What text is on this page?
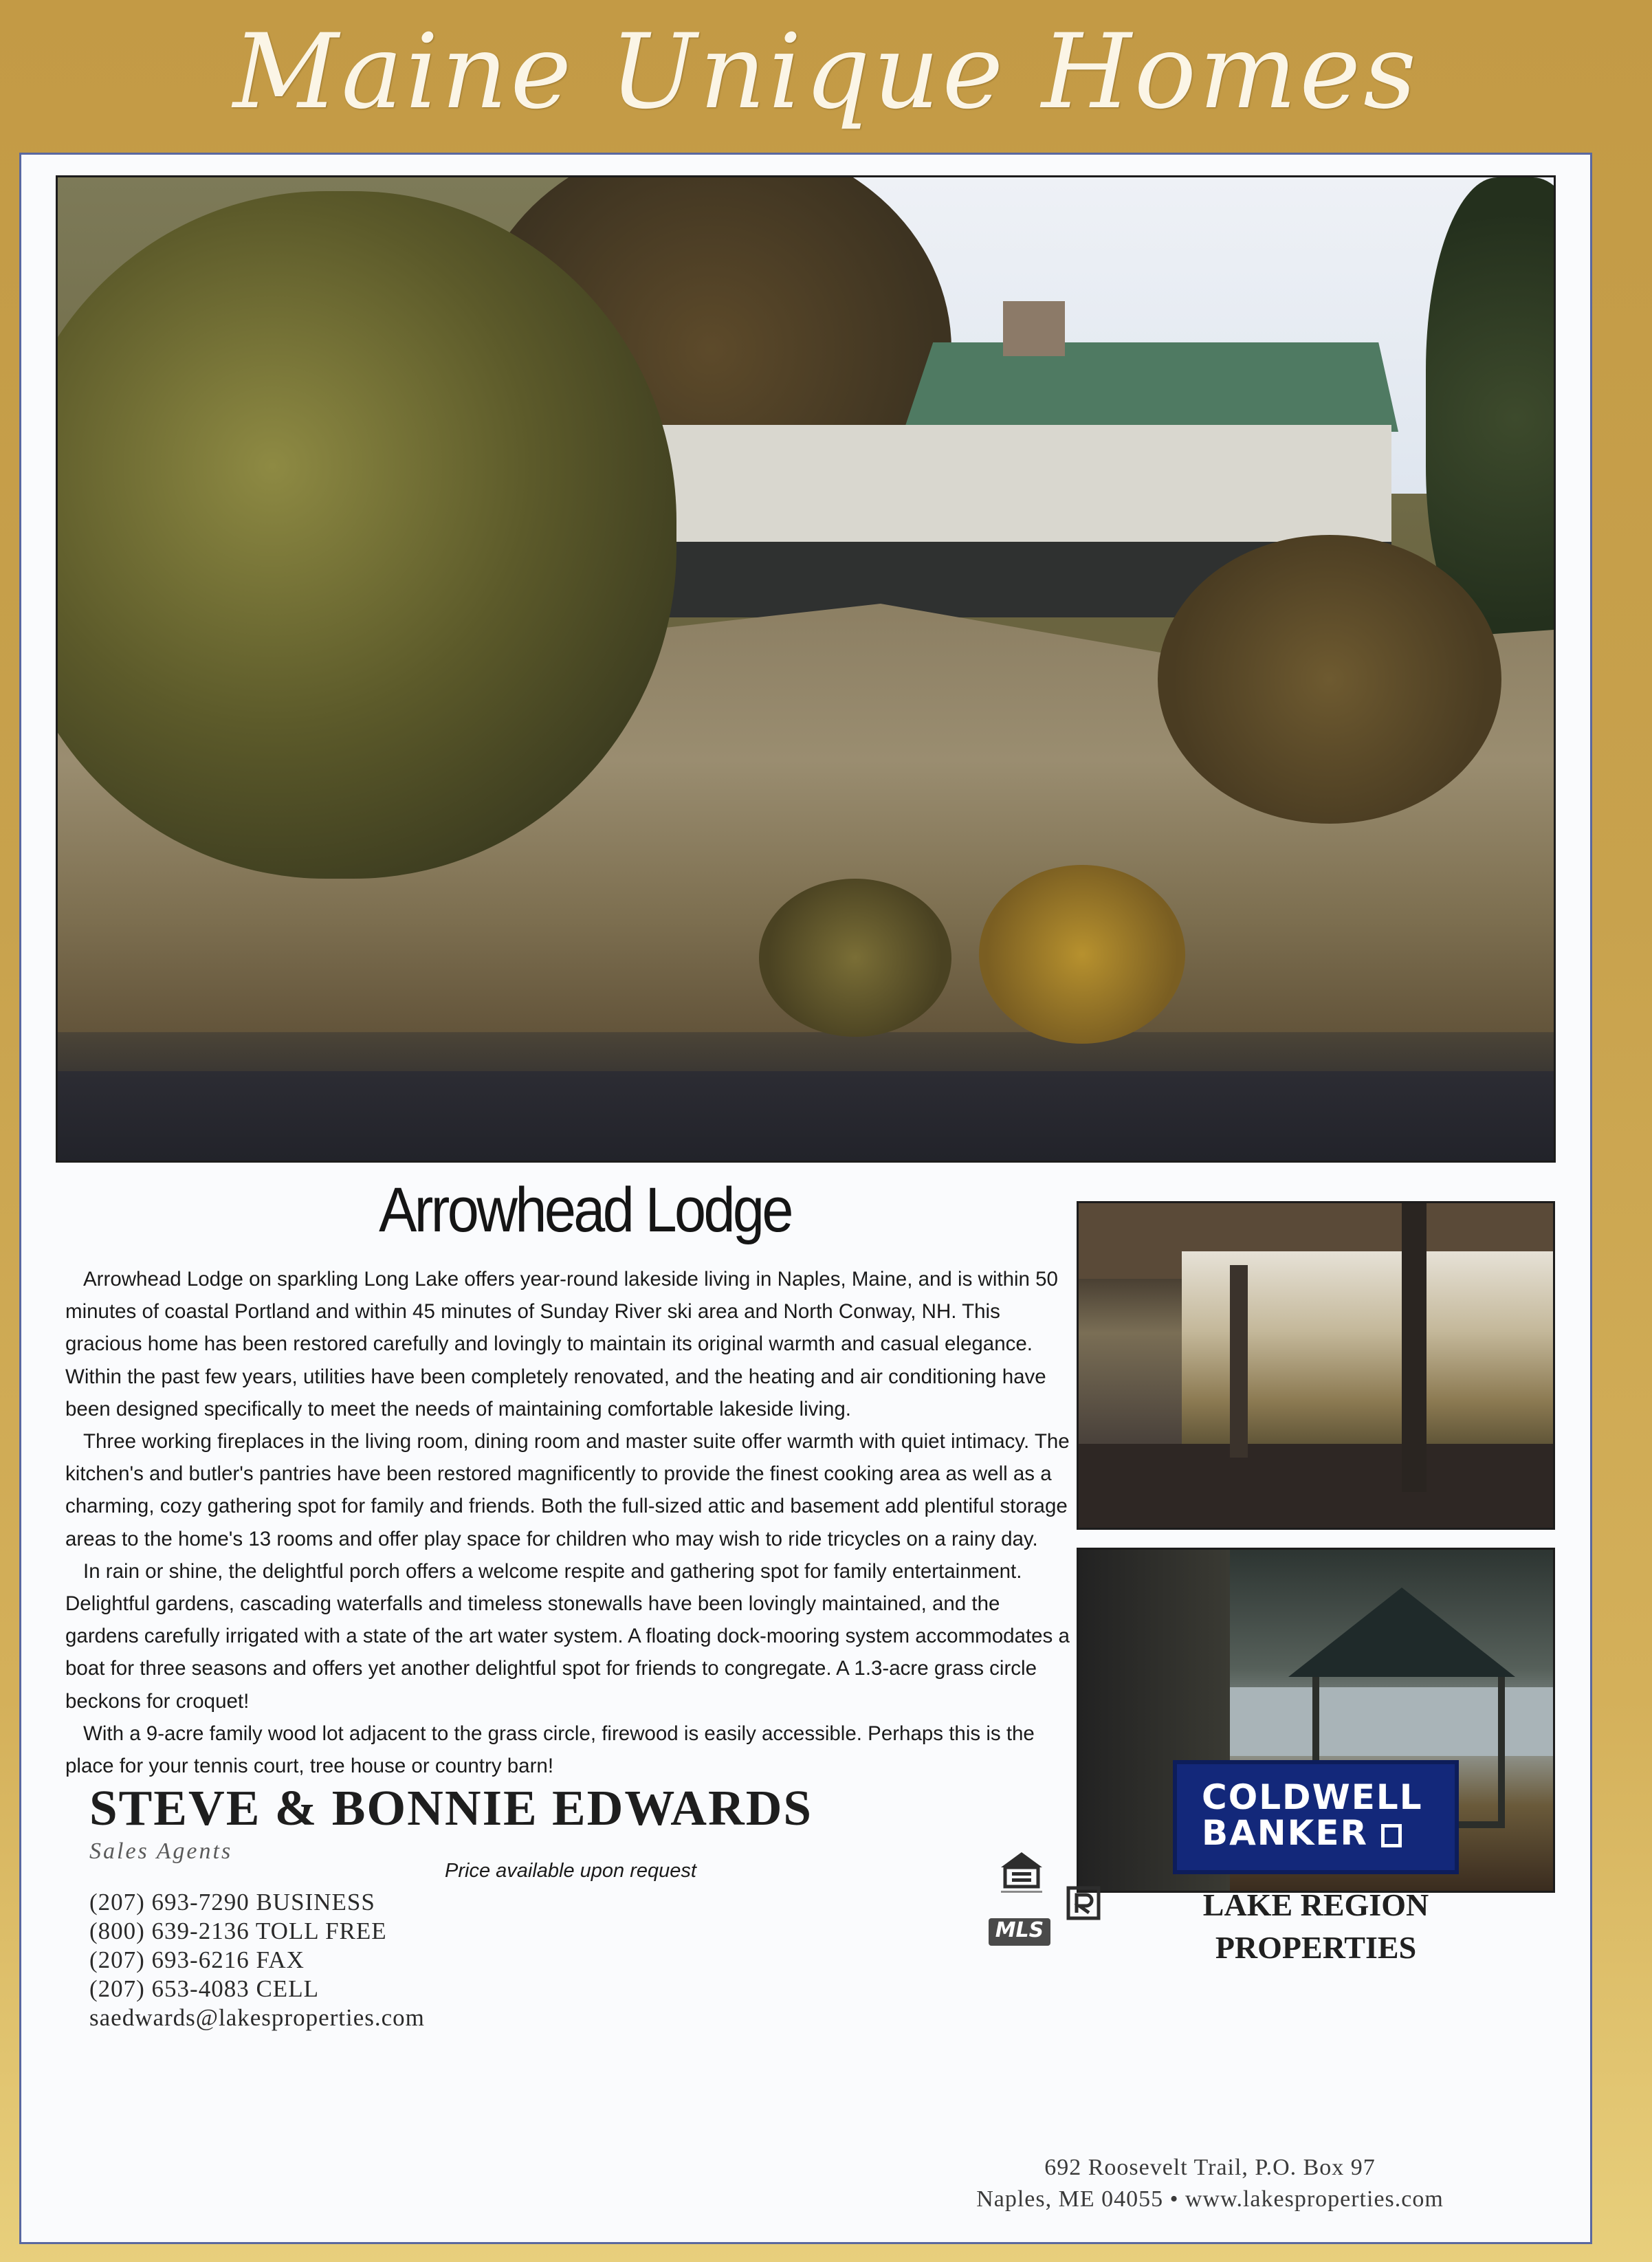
Maine Unique Homes
Arrowhead Lodge

Arrowhead Lodge on sparkling Long Lake offers year-round lakeside living in Naples, Maine, and is within 50 minutes of coastal Portland and within 45 minutes of Sunday River ski area and North Conway, NH. This gracious home has been restored carefully and lovingly to maintain its original warmth and casual elegance. Within the past few years, utilities have been completely renovated, and the heating and air conditioning have been designed specifically to meet the needs of maintaining comfortable lakeside living.

Three working fireplaces in the living room, dining room and master suite offer warmth with quiet intimacy. The kitchen's and butler's pantries have been restored magnificently to provide the finest cooking area as well as a charming, cozy gathering spot for family and friends. Both the full-sized attic and basement add plentiful storage areas to the home's 13 rooms and offer play space for children who may wish to ride tricycles on a rainy day.

In rain or shine, the delightful porch offers a welcome respite and gathering spot for family entertainment. Delightful gardens, cascading waterfalls and timeless stonewalls have been lovingly maintained, and the gardens carefully irrigated with a state of the art water system. A floating dock-mooring system accommodates a boat for three seasons and offers yet another delightful spot for friends to congregate. A 1.3-acre grass circle beckons for croquet!

With a 9-acre family wood lot adjacent to the grass circle, firewood is easily accessible. Perhaps this is the place for your tennis court, tree house or country barn!

Price available upon request
STEVE & BONNIE EDWARDS
Sales Agents
(207) 693-7290 BUSINESS
(800) 639-2136 TOLL FREE
(207) 693-6216 FAX
(207) 653-4083 CELL
saedwards@lakesproperties.com
MLS
COLDWELL
BANKER
LAKE REGION
PROPERTIES
692 Roosevelt Trail, P.O. Box 97
Naples, ME 04055 • www.lakesproperties.com
